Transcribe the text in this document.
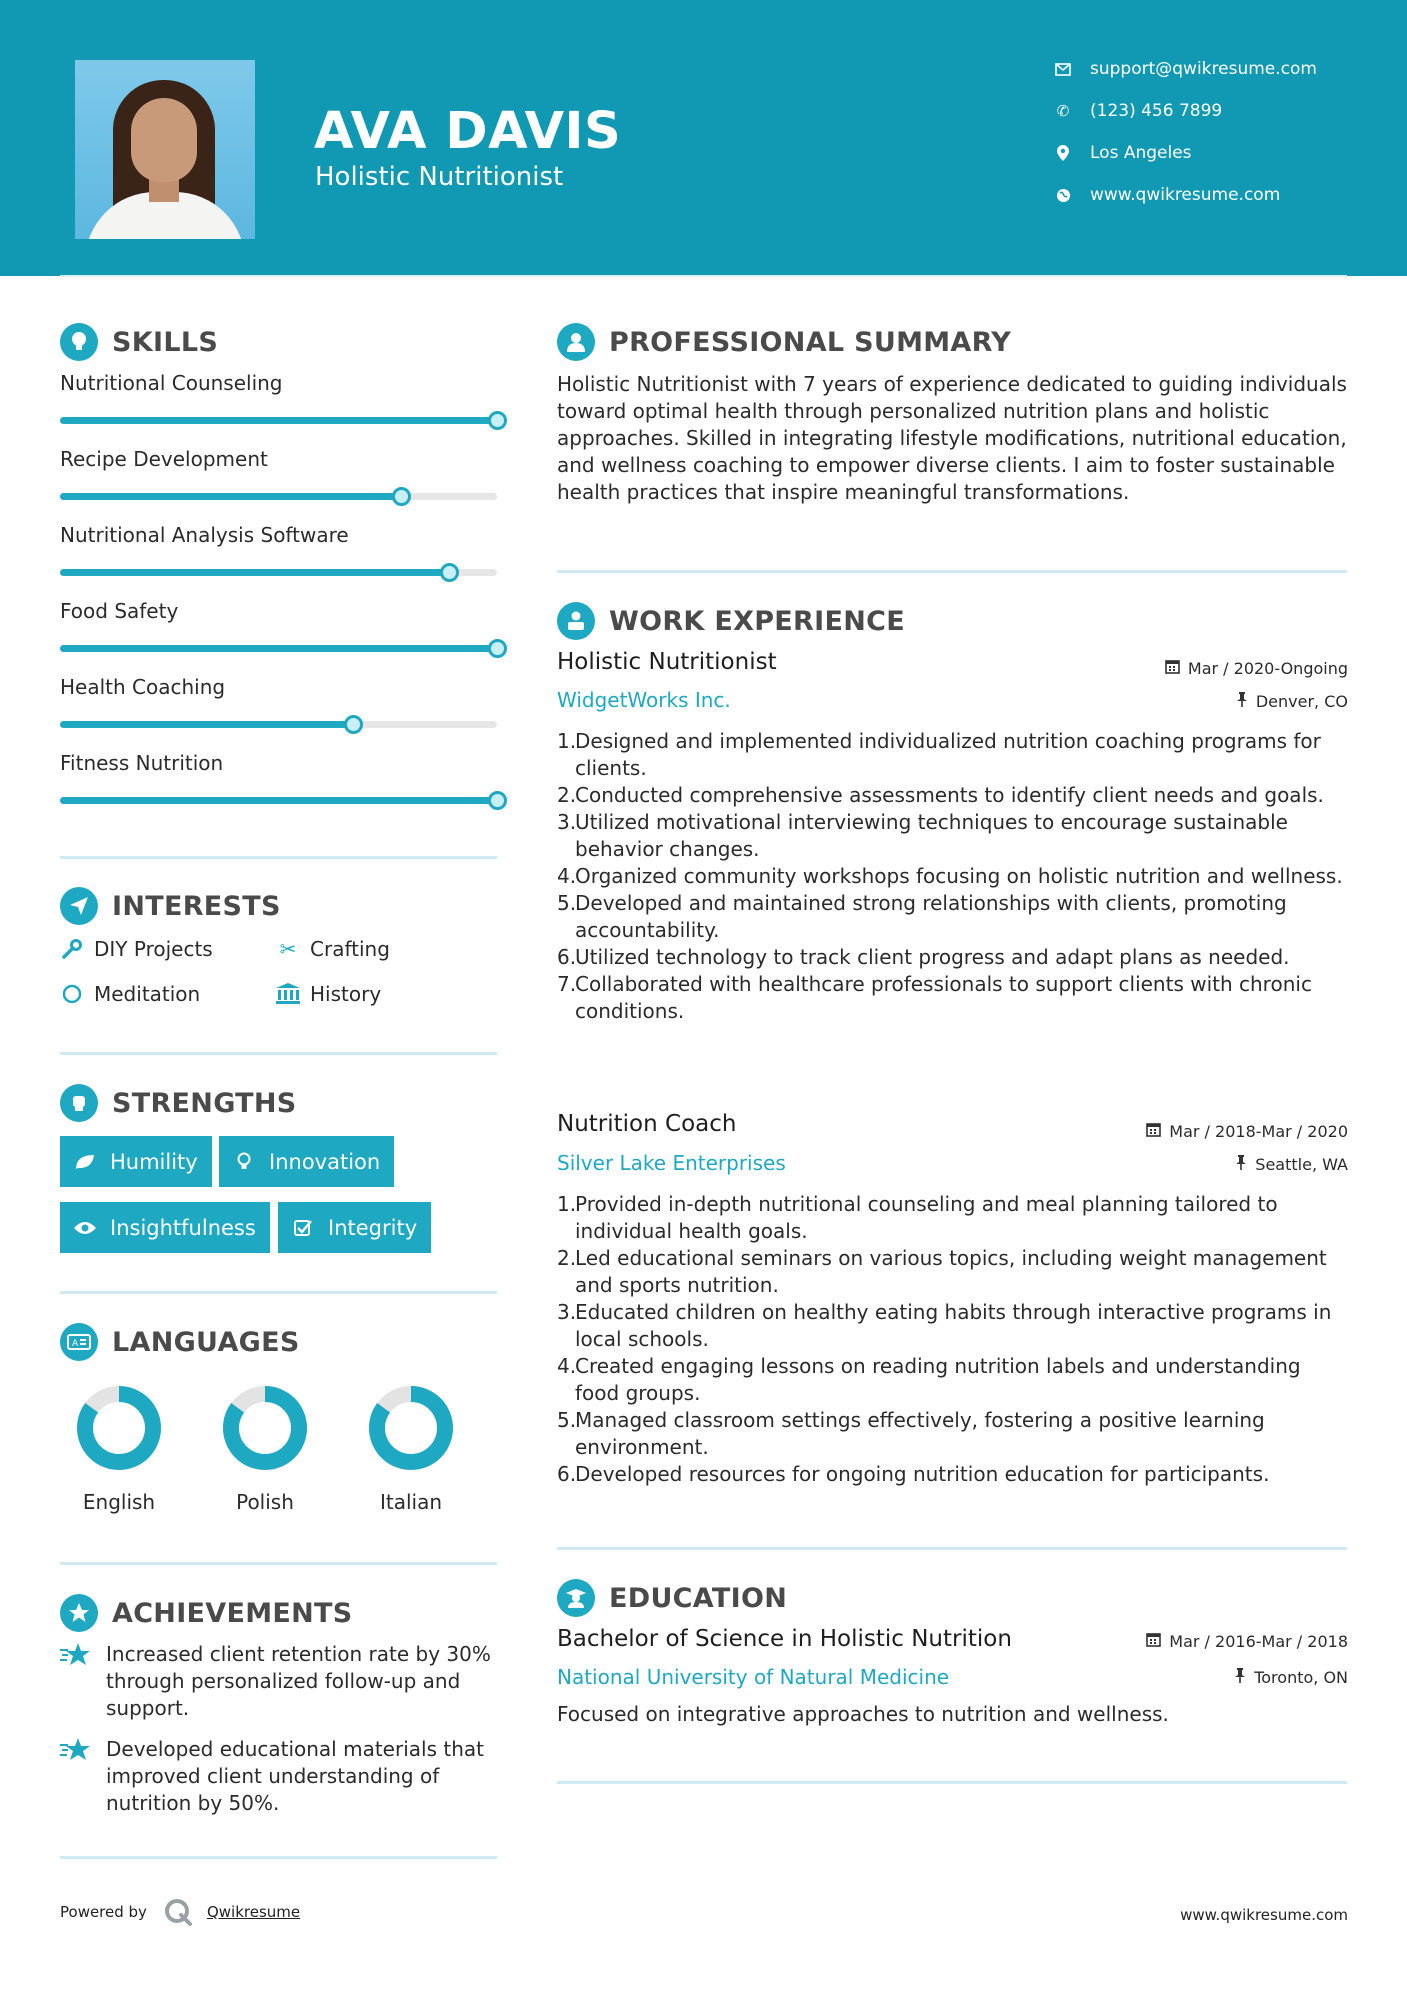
AVA DAVIS
Holistic Nutritionist
support@qwikresume.com
✆ (123) 456 7899
Los Angeles
www.qwikresume.com
SKILLS
Nutritional Counseling
Recipe Development
Nutritional Analysis Software
Food Safety
Health Coaching
Fitness Nutrition
INTERESTS
DIY Projects	✂ Crafting
Meditation	History
STRENGTHS
Humility	Innovation
Insightfulness	Integrity
A LANGUAGES
English	Polish	Italian
ACHIEVEMENTS
Increased client retention rate by 30% through personalized follow-up and support.
Developed educational materials that improved client understanding of nutrition by 50%.
PROFESSIONAL SUMMARY
Holistic Nutritionist with 7 years of experience dedicated to guiding individuals toward optimal health through personalized nutrition plans and holistic approaches. Skilled in integrating lifestyle modifications, nutritional education, and wellness coaching to empower diverse clients. I aim to foster sustainable health practices that inspire meaningful transformations.
WORK EXPERIENCE
Holistic Nutritionist	Mar / 2020-Ongoing
WidgetWorks Inc.	Denver, CO
1.
Designed and implemented individualized nutrition coaching programs for clients.
2.
Conducted comprehensive assessments to identify client needs and goals.
3.
Utilized motivational interviewing techniques to encourage sustainable behavior changes.
4.
Organized community workshops focusing on holistic nutrition and wellness.
5.
Developed and maintained strong relationships with clients, promoting accountability.
6.
Utilized technology to track client progress and adapt plans as needed.
7.
Collaborated with healthcare professionals to support clients with chronic conditions.
Nutrition Coach	Mar / 2018-Mar / 2020
Silver Lake Enterprises	Seattle, WA
1.
Provided in-depth nutritional counseling and meal planning tailored to individual health goals.
2.
Led educational seminars on various topics, including weight management and sports nutrition.
3.
Educated children on healthy eating habits through interactive programs in local schools.
4.
Created engaging lessons on reading nutrition labels and understanding food groups.
5.
Managed classroom settings effectively, fostering a positive learning environment.
6.
Developed resources for ongoing nutrition education for participants.
EDUCATION
Bachelor of Science in Holistic Nutrition	Mar / 2016-Mar / 2018
National University of Natural Medicine	Toronto, ON
Focused on integrative approaches to nutrition and wellness.
Powered by	Qwikresume	www.qwikresume.com
